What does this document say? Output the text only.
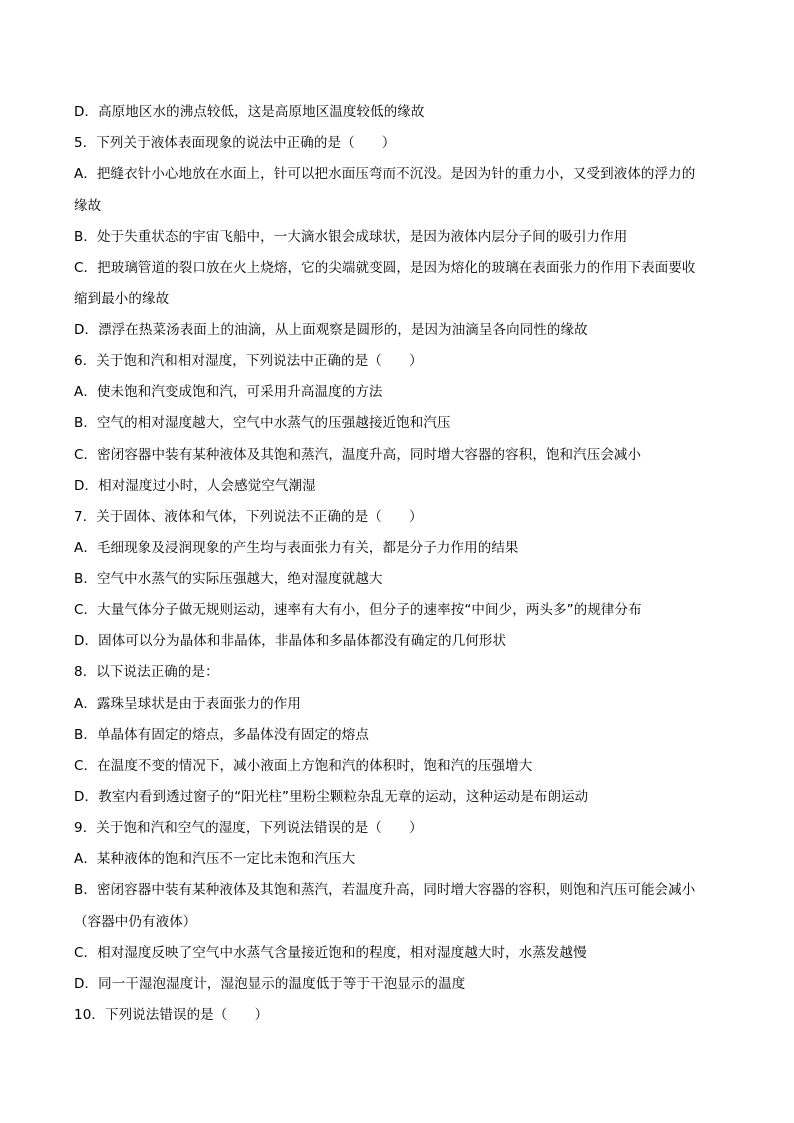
D．高原地区水的沸点较低，这是高原地区温度较低的缘故
5．下列关于液体表面现象的说法中正确的是（　　）
A．把缝衣针小心地放在水面上，针可以把水面压弯而不沉没。是因为针的重力小，又受到液体的浮力的
缘故
B．处于失重状态的宇宙飞船中，一大滴水银会成球状，是因为液体内层分子间的吸引力作用
C．把玻璃管道的裂口放在火上烧熔，它的尖端就变圆，是因为熔化的玻璃在表面张力的作用下表面要收
缩到最小的缘故
D．漂浮在热菜汤表面上的油滴，从上面观察是圆形的，是因为油滴呈各向同性的缘故
6．关于饱和汽和相对湿度，下列说法中正确的是（　　）
A．使未饱和汽变成饱和汽，可采用升高温度的方法
B．空气的相对湿度越大，空气中水蒸气的压强越接近饱和汽压
C．密闭容器中装有某种液体及其饱和蒸汽，温度升高，同时增大容器的容积，饱和汽压会减小
D．相对湿度过小时，人会感觉空气潮湿
7．关于固体、液体和气体，下列说法不正确的是（　　）
A．毛细现象及浸润现象的产生均与表面张力有关，都是分子力作用的结果
B．空气中水蒸气的实际压强越大，绝对湿度就越大
C．大量气体分子做无规则运动，速率有大有小，但分子的速率按“中间少，两头多”的规律分布
D．固体可以分为晶体和非晶体，非晶体和多晶体都没有确定的几何形状
8．以下说法正确的是：
A．露珠呈球状是由于表面张力的作用
B．单晶体有固定的熔点，多晶体没有固定的熔点
C．在温度不变的情况下，减小液面上方饱和汽的体积时，饱和汽的压强增大
D．教室内看到透过窗子的“阳光柱”里粉尘颗粒杂乱无章的运动，这种运动是布朗运动
9．关于饱和汽和空气的湿度，下列说法错误的是（　　）
A．某种液体的饱和汽压不一定比未饱和汽压大
B．密闭容器中装有某种液体及其饱和蒸汽，若温度升高，同时增大容器的容积，则饱和汽压可能会减小
（容器中仍有液体）
C．相对湿度反映了空气中水蒸气含量接近饱和的程度，相对湿度越大时，水蒸发越慢
D．同一干湿泡湿度计，湿泡显示的温度低于等于干泡显示的温度
10．下列说法错误的是（　　）
